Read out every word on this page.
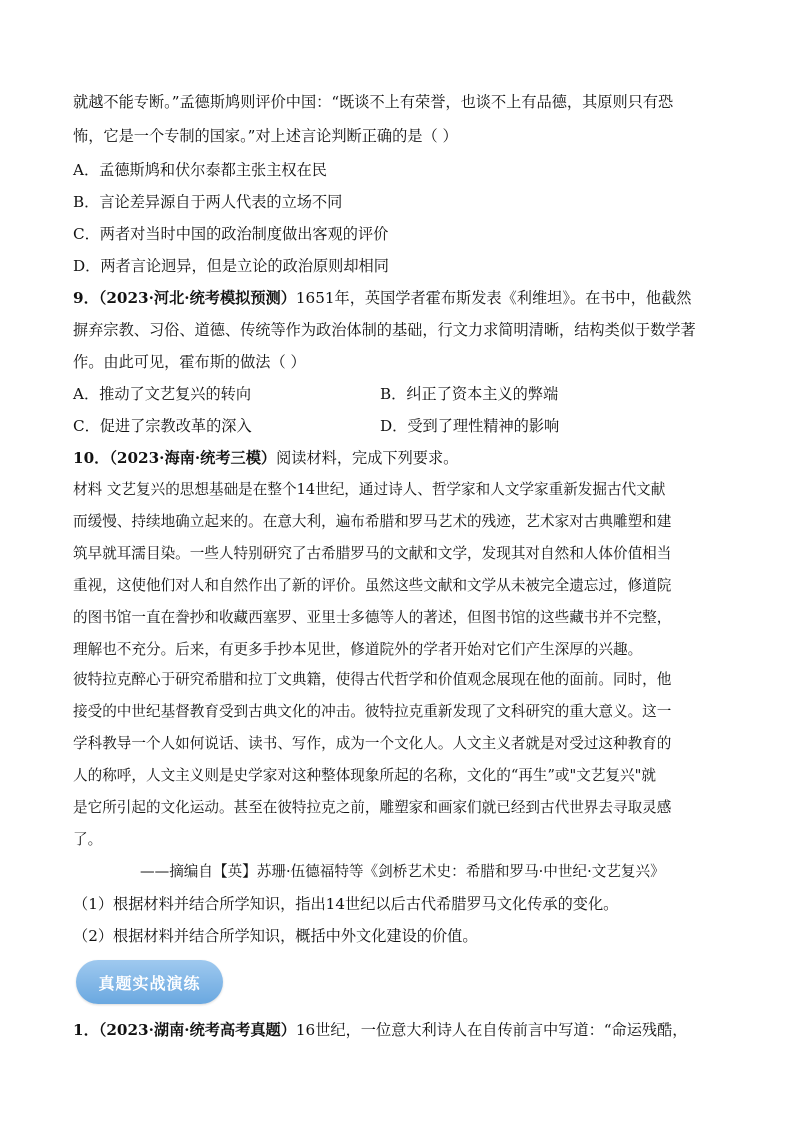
就越不能专断。”孟德斯鸠则评价中国：“既谈不上有荣誉，也谈不上有品德，其原则只有恐
怖，它是一个专制的国家。”对上述言论判断正确的是（ ）
A．孟德斯鸠和伏尔泰都主张主权在民
B．言论差异源自于两人代表的立场不同
C．两者对当时中国的政治制度做出客观的评价
D．两者言论迥异，但是立论的政治原则却相同
9．（2023·河北·统考模拟预测）1651年，英国学者霍布斯发表《利维坦》。在书中，他截然
摒弃宗教、习俗、道德、传统等作为政治体制的基础，行文力求简明清晰，结构类似于数学著
作。由此可见，霍布斯的做法（ ）
A．推动了文艺复兴的转向	B．纠正了资本主义的弊端
C．促进了宗教改革的深入	D．受到了理性精神的影响
10．（2023·海南·统考三模）阅读材料，完成下列要求。
材料 文艺复兴的思想基础是在整个14世纪，通过诗人、哲学家和人文学家重新发掘古代文献
而缓慢、持续地确立起来的。在意大利，遍布希腊和罗马艺术的残迹，艺术家对古典雕塑和建
筑早就耳濡目染。一些人特别研究了古希腊罗马的文献和文学，发现其对自然和人体价值相当
重视，这使他们对人和自然作出了新的评价。虽然这些文献和文学从未被完全遗忘过，修道院
的图书馆一直在誊抄和收藏西塞罗、亚里士多德等人的著述，但图书馆的这些藏书并不完整，
理解也不充分。后来，有更多手抄本见世，修道院外的学者开始对它们产生深厚的兴趣。
彼特拉克醉心于研究希腊和拉丁文典籍，使得古代哲学和价值观念展现在他的面前。同时，他
接受的中世纪基督教育受到古典文化的冲击。彼特拉克重新发现了文科研究的重大意义。这一
学科教导一个人如何说话、读书、写作，成为一个文化人。人文主义者就是对受过这种教育的
人的称呼，人文主义则是史学家对这种整体现象所起的名称，文化的“再生”或"文艺复兴"就
是它所引起的文化运动。甚至在彼特拉克之前，雕塑家和画家们就已经到古代世界去寻取灵感
了。
——摘编自【英】苏珊·伍德福特等《剑桥艺术史：希腊和罗马·中世纪·文艺复兴》
（1）根据材料并结合所学知识，指出14世纪以后古代希腊罗马文化传承的变化。
（2）根据材料并结合所学知识，概括中外文化建设的价值。
真题实战演练
1．（2023·湖南·统考高考真题）16世纪，一位意大利诗人在自传前言中写道：“命运残酷，
